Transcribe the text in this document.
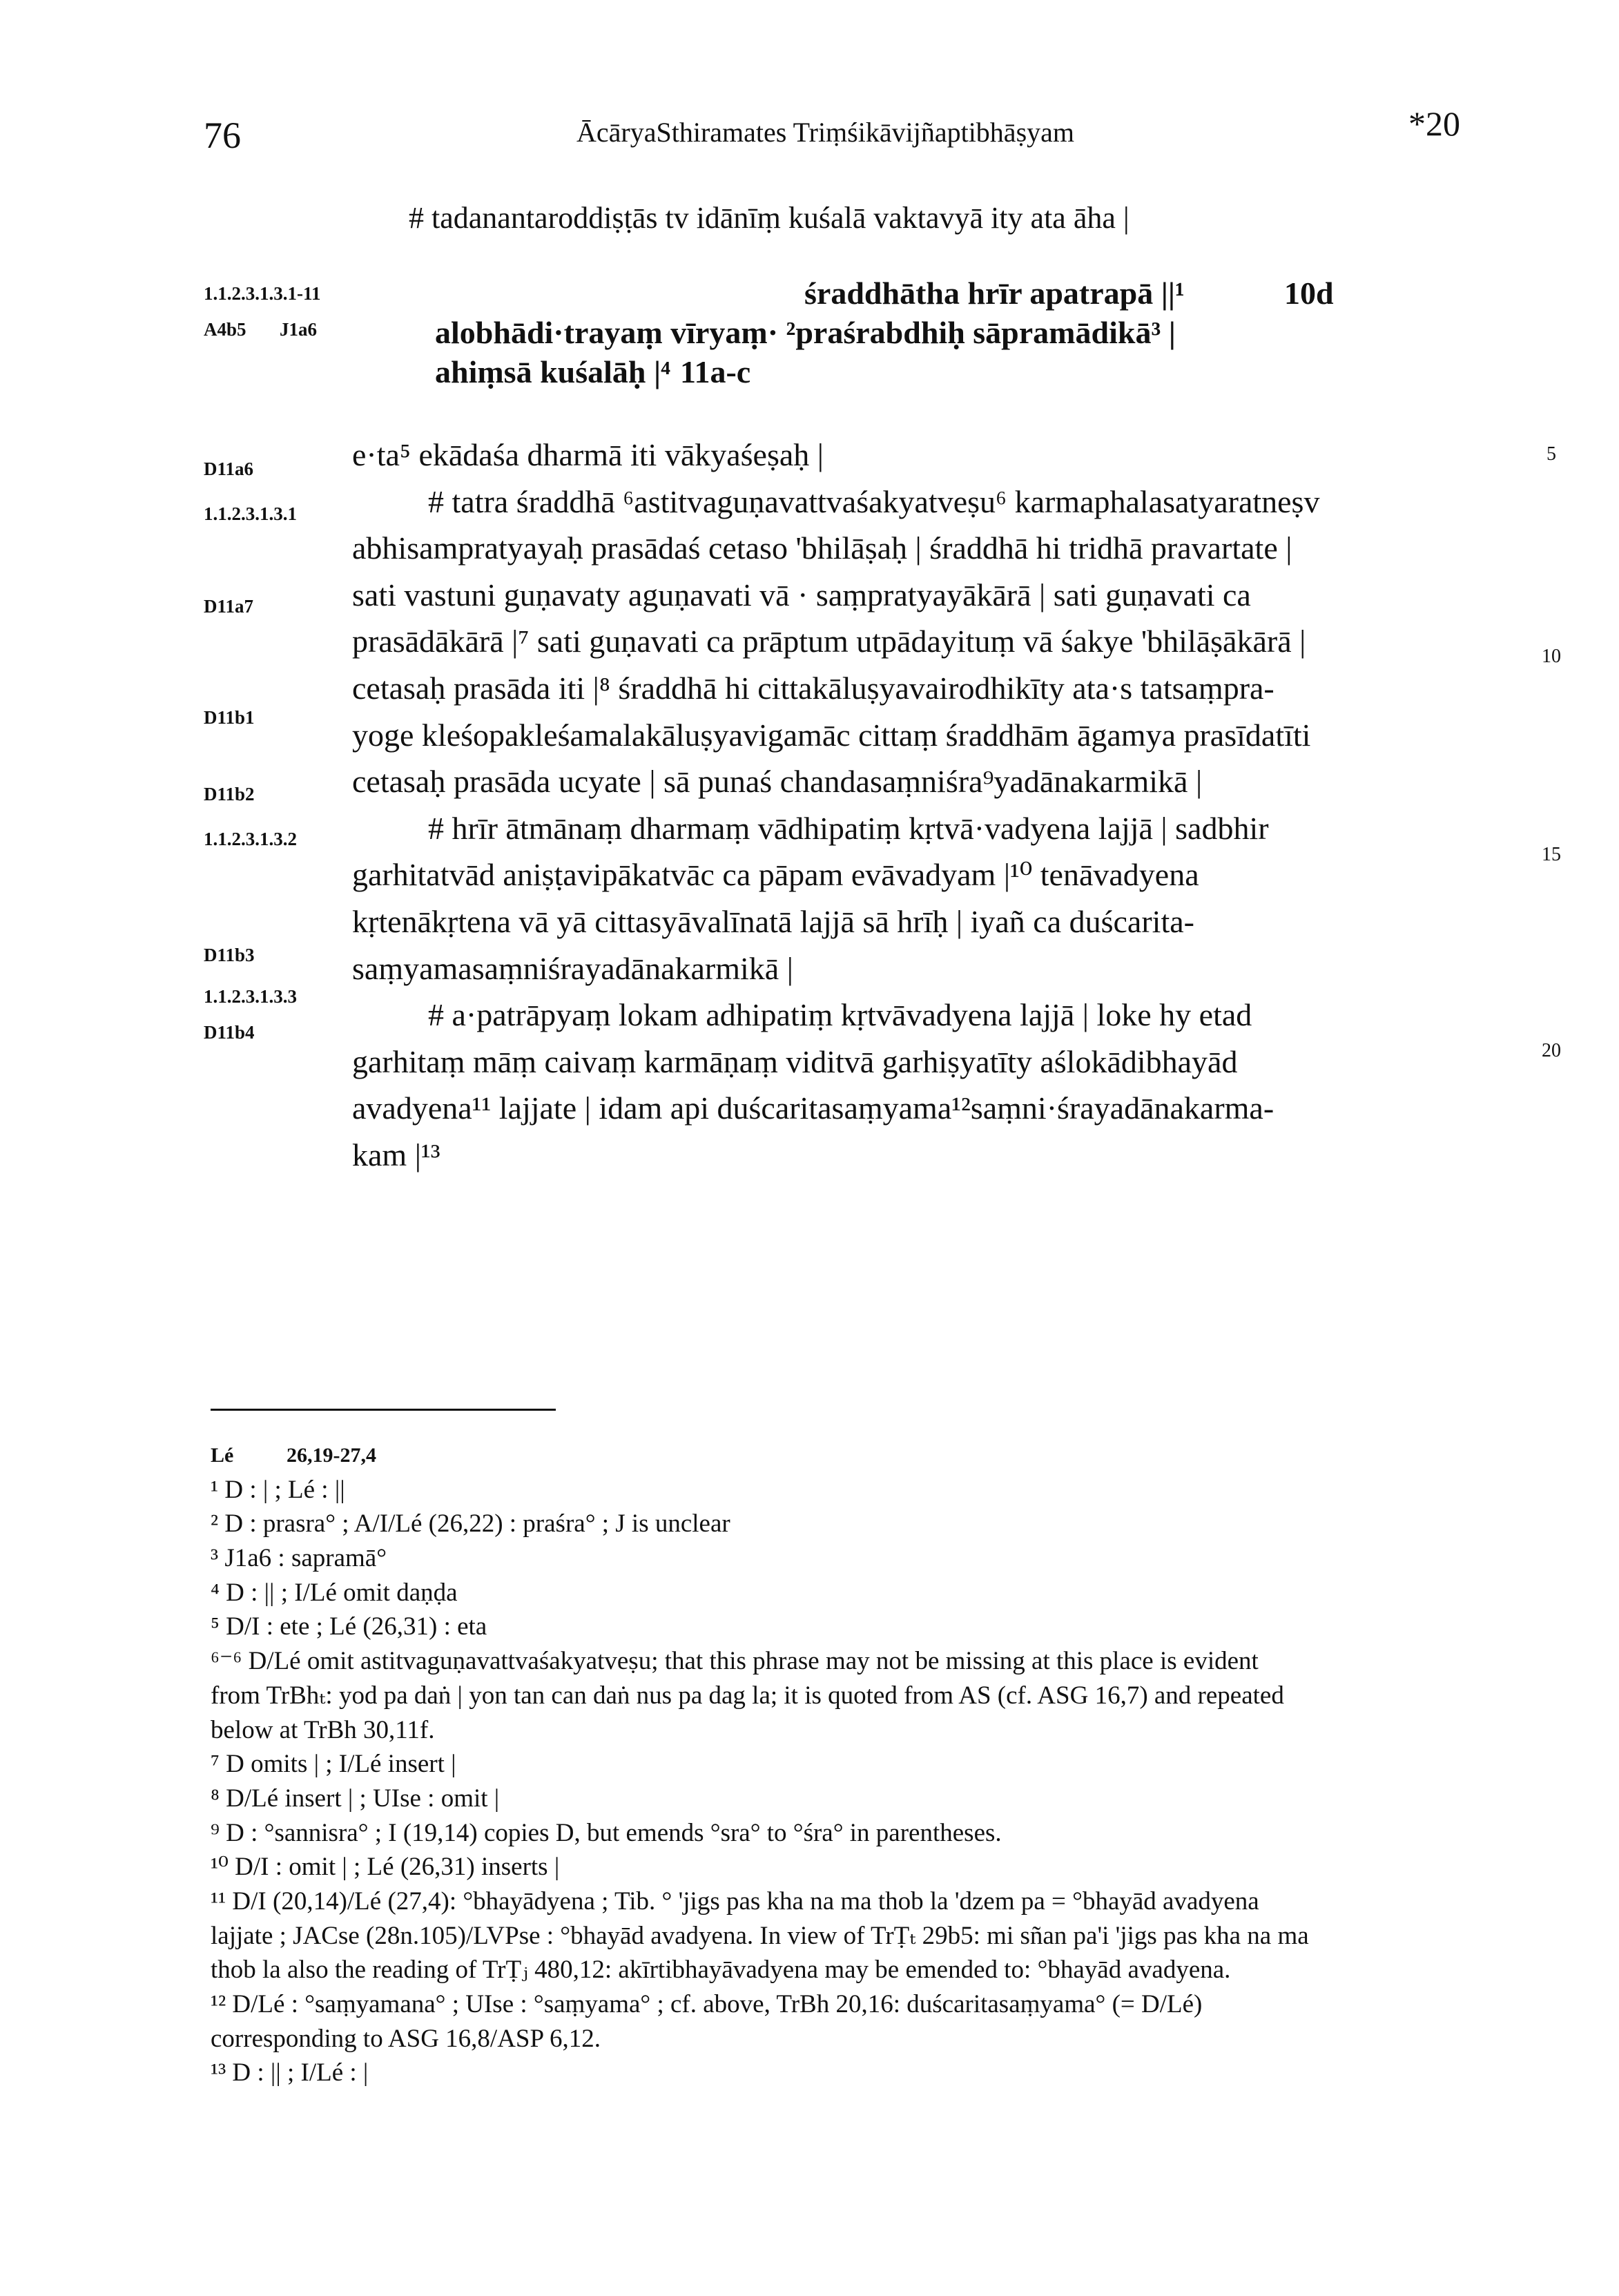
76	ĀcāryaSthiramates Triṃśikāvijñaptibhāṣyam	*20
# tadanantaroddiṣṭās tv idānīṃ kuśalā vaktavyā ity ata āha |
1.1.2.3.1.3.1-11
A4b5 J1a6
śraddhātha hrīr apatrapā ||¹	10d
alobhādi·trayaṃ vīryaṃ· ²praśrabdhiḥ sāpramādikā³ |
ahiṃsā kuśalāḥ |⁴ 11a-c
D11a6
1.1.2.3.1.3.1
D11a7
D11b1
D11b2
1.1.2.3.1.3.2
D11b3
1.1.2.3.1.3.3
D11b4
5
10
15
20
e·ta⁵ ekādaśa dharmā iti vākyaśeṣaḥ |
# tatra śraddhā ⁶astitvaguṇavattvaśakyatveṣu⁶ karmaphalasatyaratneṣv
abhisampratyayaḥ prasādaś cetaso 'bhilāṣaḥ | śraddhā hi tridhā pravartate |
sati vastuni guṇavaty aguṇavati vā · saṃpratyayākārā | sati guṇavati ca
prasādākārā |⁷ sati guṇavati ca prāptum utpādayituṃ vā śakye 'bhilāṣākārā |
cetasaḥ prasāda iti |⁸ śraddhā hi cittakāluṣyavairodhikīty ata·s tatsaṃpra-
yoge kleśopakleśamalakāluṣyavigamāc cittaṃ śraddhām āgamya prasīdatīti
cetasaḥ prasāda ucyate | sā punaś chandasaṃniśra⁹yadānakarmikā |
# hrīr ātmānaṃ dharmaṃ vādhipatiṃ kṛtvā·vadyena lajjā | sadbhir
garhitatvād aniṣṭavipākatvāc ca pāpam evāvadyam |¹⁰ tenāvadyena
kṛtenākṛtena vā yā cittasyāvalīnatā lajjā sā hrīḥ | iyañ ca duścarita-
saṃyamasaṃniśrayadānakarmikā |
# a·patrāpyaṃ lokam adhipatiṃ kṛtvāvadyena lajjā | loke hy etad
garhitaṃ māṃ caivaṃ karmāṇaṃ viditvā garhiṣyatīty aślokādibhayād
avadyena¹¹ lajjate | idam api duścaritasaṃyama¹²saṃni·śrayadānakarma-
kam |¹³
Lé	26,19-27,4
¹ D : | ; Lé : ||
² D : prasra° ; A/I/Lé (26,22) : praśra° ; J is unclear
³ J1a6 : sapramā°
⁴ D : || ; I/Lé omit daṇḍa
⁵ D/I : ete ; Lé (26,31) : eta
⁶⁻⁶ D/Lé omit astitvaguṇavattvaśakyatveṣu; that this phrase may not be missing at this place is evident
from TrBhₜ: yod pa daṅ | yon tan can daṅ nus pa dag la; it is quoted from AS (cf. ASG 16,7) and repeated
below at TrBh 30,11f.
⁷ D omits | ; I/Lé insert |
⁸ D/Lé insert | ; UIse : omit |
⁹ D : °sannisra° ; I (19,14) copies D, but emends °sra° to °śra° in parentheses.
¹⁰ D/I : omit | ; Lé (26,31) inserts |
¹¹ D/I (20,14)/Lé (27,4): °bhayādyena ; Tib. ° 'jigs pas kha na ma thob la 'dzem pa = °bhayād avadyena
lajjate ; JACse (28n.105)/LVPse : °bhayād avadyena. In view of TrṬₜ 29b5: mi sñan pa'i 'jigs pas kha na ma
thob la also the reading of TrṬⱼ 480,12: akīrtibhayāvadyena may be emended to: °bhayād avadyena.
¹² D/Lé : °saṃyamana° ; UIse : °saṃyama° ; cf. above, TrBh 20,16: duścaritasaṃyama° (= D/Lé)
corresponding to ASG 16,8/ASP 6,12.
¹³ D : || ; I/Lé : |
